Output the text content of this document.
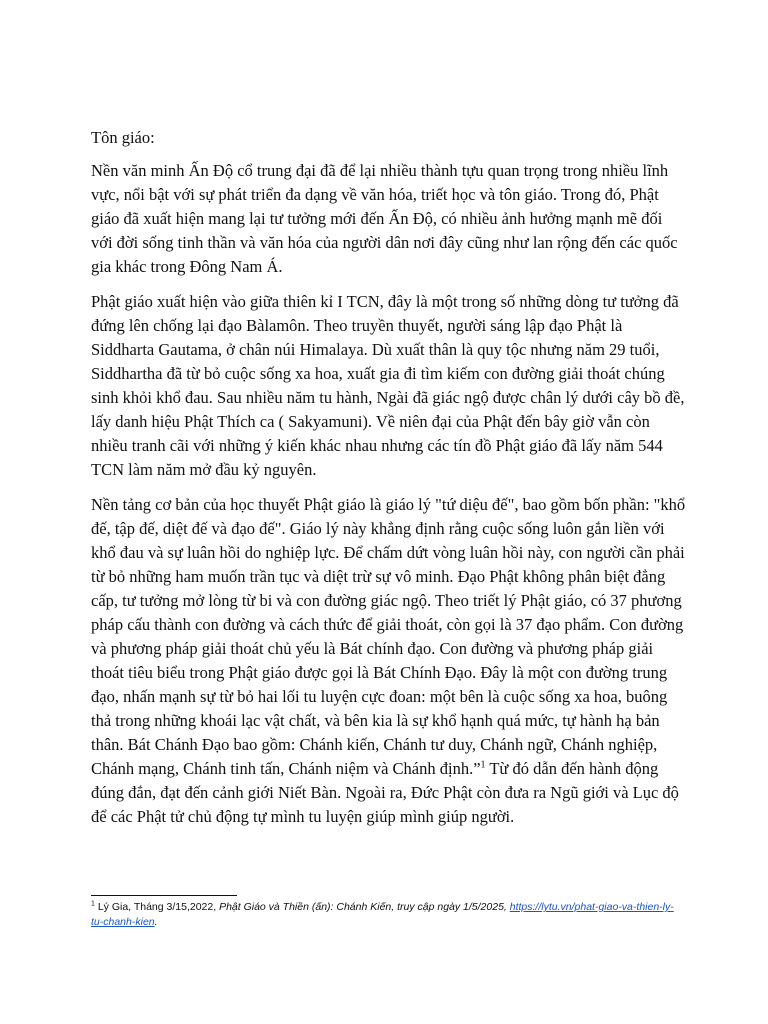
Tôn giáo:

Nền văn minh Ấn Độ cổ trung đại đã để lại nhiều thành tựu quan trọng trong nhiều lĩnh vực, nổi bật với sự phát triển đa dạng về văn hóa, triết học và tôn giáo. Trong đó, Phật giáo đã xuất hiện mang lại tư tưởng mới đến Ấn Độ, có nhiều ảnh hưởng mạnh mẽ đối với đời sống tinh thần và văn hóa của người dân nơi đây cũng như lan rộng đến các quốc gia khác trong Đông Nam Á.

Phật giáo xuất hiện vào giữa thiên kỉ I TCN, đây là một trong số những dòng tư tưởng đã đứng lên chống lại đạo Bàlamôn. Theo truyền thuyết, người sáng lập đạo Phật là Siddharta Gautama, ở chân núi Himalaya. Dù xuất thân là quy tộc nhưng năm 29 tuổi, Siddhartha đã từ bỏ cuộc sống xa hoa, xuất gia đi tìm kiếm con đường giải thoát chúng sinh khỏi khổ đau. Sau nhiều năm tu hành, Ngài đã giác ngộ được chân lý dưới cây bồ đề, lấy danh hiệu Phật Thích ca ( Sakyamuni). Về niên đại của Phật đến bây giờ vẫn còn nhiều tranh cãi với những ý kiến khác nhau nhưng các tín đồ Phật giáo đã lấy năm 544 TCN làm năm mở đầu kỷ nguyên.

Nền tảng cơ bản của học thuyết Phật giáo là giáo lý "tứ diệu đế", bao gồm bốn phần: "khổ đế, tập đế, diệt đế và đạo đế". Giáo lý này khẳng định rằng cuộc sống luôn gắn liền với khổ đau và sự luân hồi do nghiệp lực. Để chấm dứt vòng luân hồi này, con người cần phải từ bỏ những ham muốn trần tục và diệt trừ sự vô minh. Đạo Phật không phân biệt đẳng cấp, tư tưởng mở lòng từ bi và con đường giác ngộ. Theo triết lý Phật giáo, có 37 phương pháp cấu thành con đường và cách thức để giải thoát, còn gọi là 37 đạo phẩm. Con đường và phương pháp giải thoát chủ yếu là Bát chính đạo. Con đường và phương pháp giải thoát tiêu biểu trong Phật giáo được gọi là Bát Chính Đạo. Đây là một con đường trung đạo, nhấn mạnh sự từ bỏ hai lối tu luyện cực đoan: một bên là cuộc sống xa hoa, buông thả trong những khoái lạc vật chất, và bên kia là sự khổ hạnh quá mức, tự hành hạ bản thân. Bát Chánh Đạo bao gồm: Chánh kiến, Chánh tư duy, Chánh ngữ, Chánh nghiệp, Chánh mạng, Chánh tinh tấn, Chánh niệm và Chánh định.”$^1$ Từ đó dẫn đến hành động đúng đắn, đạt đến cảnh giới Niết Bàn. Ngoài ra, Đức Phật còn đưa ra Ngũ giới và Lục độ để các Phật tử chủ động tự mình tu luyện giúp mình giúp người.

$^1$ Lý Gia, Tháng 3/15,2022, Phật Giáo và Thiền (ấn): Chánh Kiến, truy cập ngày 1/5/2025, https://lytu.vn/phat-giao-va-thien-ly-tu-chanh-kien.
